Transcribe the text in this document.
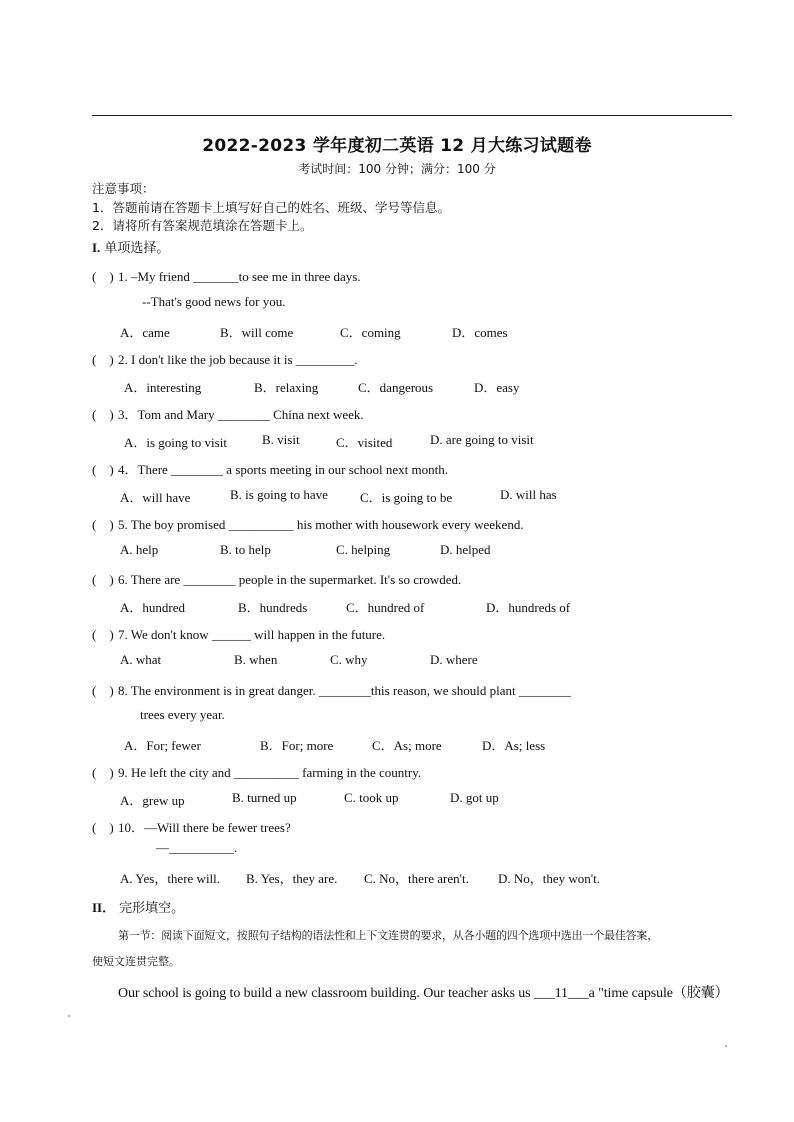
2022-2023 学年度初二英语 12 月大练习试题卷
考试时间：100 分钟；满分：100 分
注意事项：
1．答题前请在答题卡上填写好自己的姓名、班级、学号等信息。
2．请将所有答案规范填涂在答题卡上。
I. 单项选择。
(　) 1. –My friend _______to see me in three days.
--That's good news for you.
A．came	B．will come	C．coming	D．comes
(　) 2. I don't like the job because it is _________.
A．interesting	B．relaxing	C．dangerous	D．easy
(　) 3．Tom and Mary ________ China next week.
A．is going to visit	B. visit	C．visited	D. are going to visit
(　) 4．There ________ a sports meeting in our school next month.
A．will have	B. is going to have C．is going to be	D. will has
(　) 5. The boy promised __________ his mother with housework every weekend.
A. help	B. to help	C. helping	D. helped
(　) 6. There are ________ people in the supermarket. It's so crowded.
A．hundred	B．hundreds	C．hundred of	D．hundreds of
(　) 7. We don't know ______ will happen in the future.
A. what	B. when	C. why	D. where
(　) 8. The environment is in great danger. ________this reason, we should plant ________
trees every year.
A．For; fewer	B．For; more	C．As; more	D．As; less
(　) 9. He left the city and __________ farming in the country.
A．grew up	B. turned up	C. took up	D. got up
(　) 10．—Will there be fewer trees?
—__________.
A. Yes，there will. B. Yes，they are. C. No，there aren't. D. No，they won't.
II． 完形填空。
第一节：阅读下面短文，按照句子结构的语法性和上下文连贯的要求，从各小题的四个选项中选出一个最佳答案，
使短文连贯完整。
Our school is going to build a new classroom building. Our teacher asks us ___11___a "time capsule（胶囊）
